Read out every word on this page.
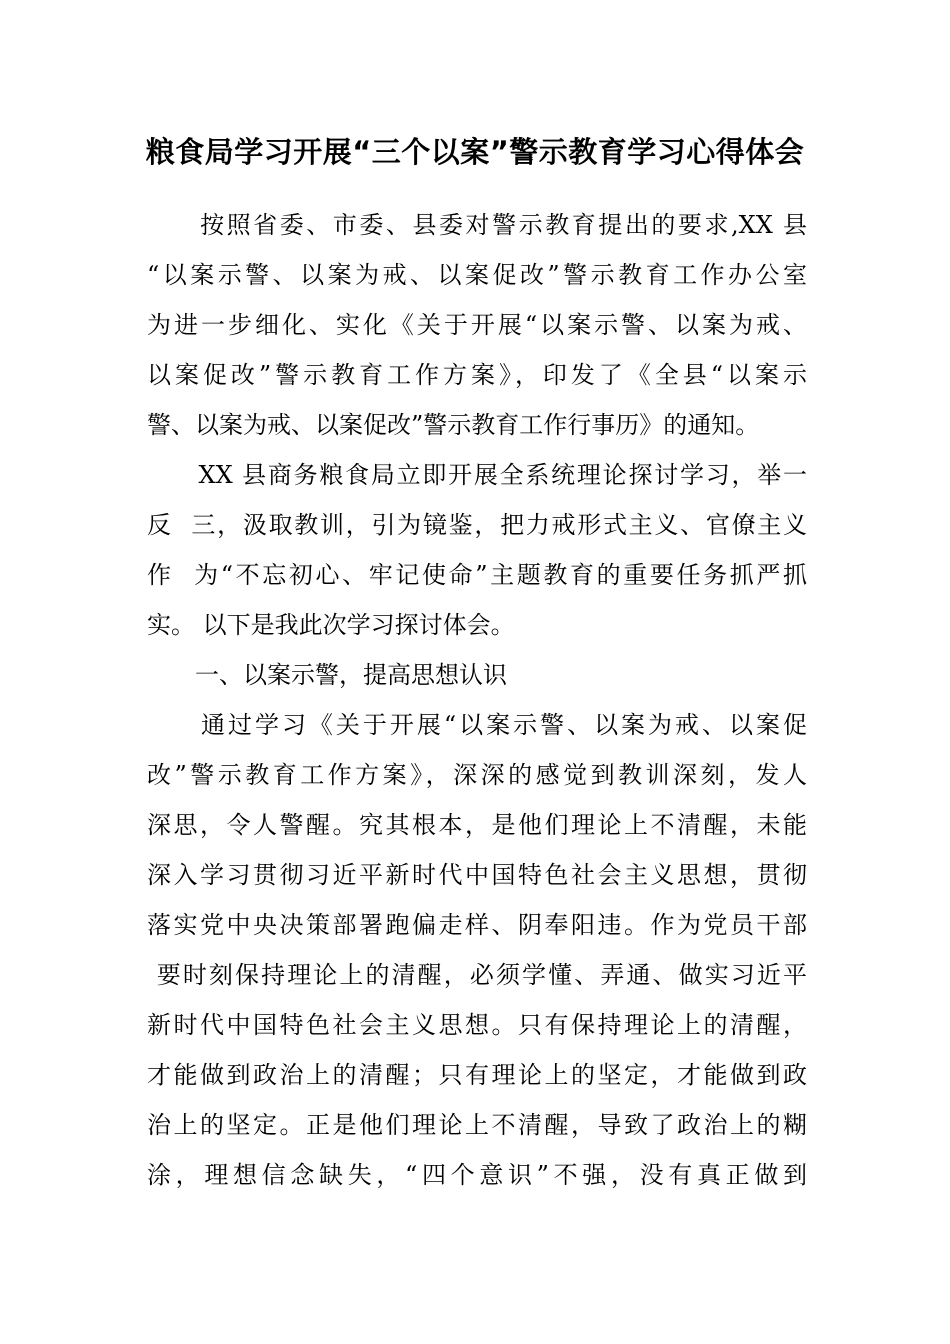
粮食局学习开展“三个以案”警示教育学习心得体会
　　按照省委、市委、县委对警示教育提出的要求,XX 县
“以案示警、以案为戒、以案促改”警示教育工作办公室
为进一步细化、实化《关于开展“以案示警、以案为戒、
以案促改”警示教育工作方案》，印发了《全县“以案示
警、以案为戒、以案促改”警示教育工作行事历》的通知。
　　XX 县商务粮食局立即开展全系统理论探讨学习，举一
反  三，汲取教训，引为镜鉴，把力戒形式主义、官僚主义
作  为“不忘初心、牢记使命”主题教育的重要任务抓严抓
实。 以下是我此次学习探讨体会。
　　一、以案示警，提高思想认识
　　通过学习《关于开展“以案示警、以案为戒、以案促
改”警示教育工作方案》，深深的感觉到教训深刻，发人
深思，令人警醒。究其根本，是他们理论上不清醒，未能
深入学习贯彻习近平新时代中国特色社会主义思想，贯彻
落实党中央决策部署跑偏走样、阴奉阳违。作为党员干部
要时刻保持理论上的清醒，必须学懂、弄通、做实习近平
新时代中国特色社会主义思想。只有保持理论上的清醒，
才能做到政治上的清醒；只有理论上的坚定，才能做到政
治上的坚定。正是他们理论上不清醒，导致了政治上的糊
涂，理想信念缺失，“四个意识”不强，没有真正做到
